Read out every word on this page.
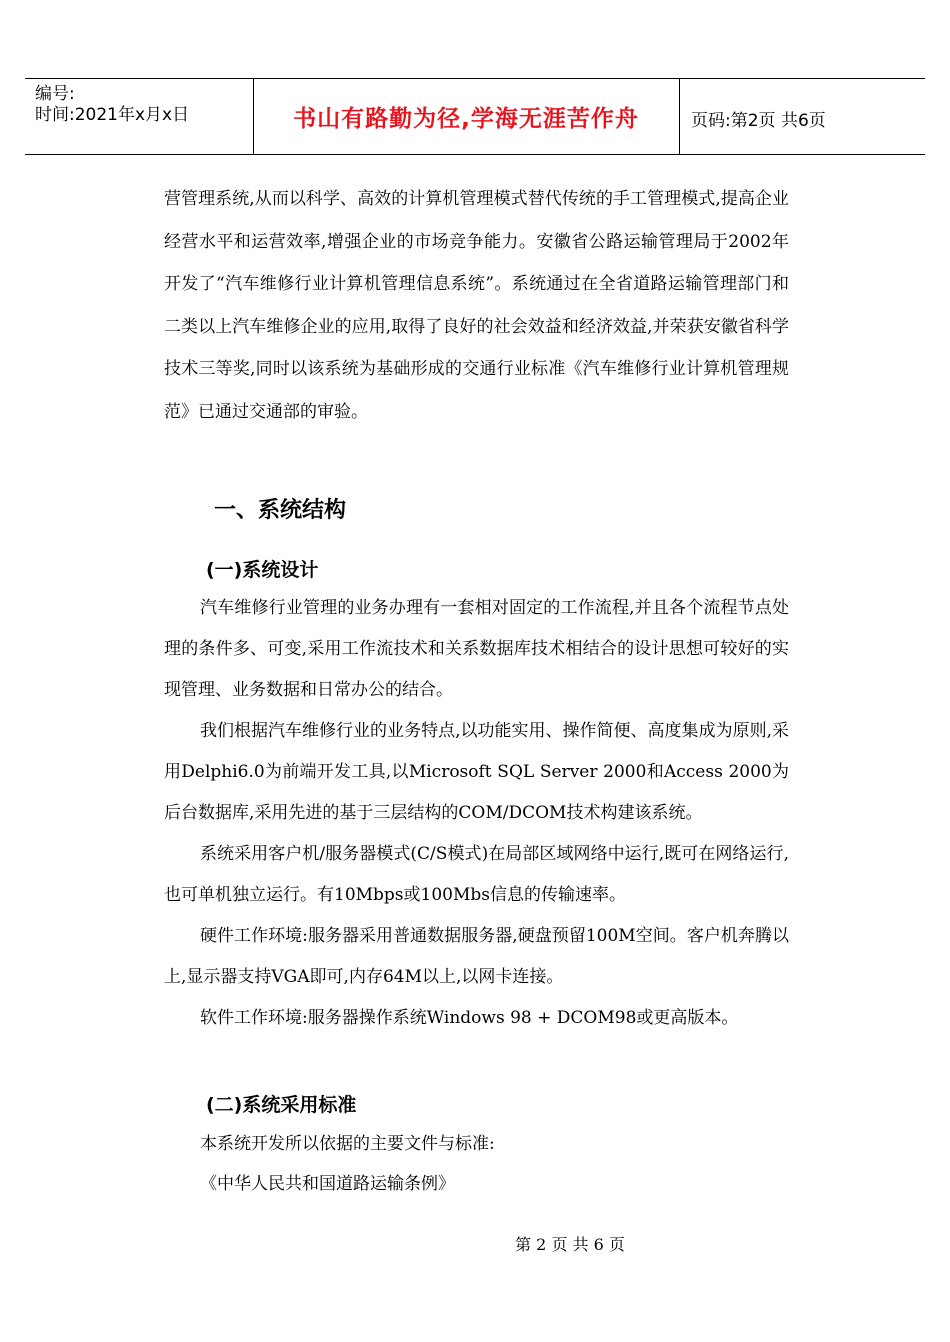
编号:
时间:2021年x月x日	书山有路勤为径,学海无涯苦作舟	页码:第2页 共6页

营管理系统,从而以科学、高效的计算机管理模式替代传统的手工管理模式,提高企业经营水平和运营效率,增强企业的市场竞争能力。安徽省公路运输管理局于2002年开发了“汽车维修行业计算机管理信息系统”。系统通过在全省道路运输管理部门和二类以上汽车维修企业的应用,取得了良好的社会效益和经济效益,并荣获安徽省科学技术三等奖,同时以该系统为基础形成的交通行业标准《汽车维修行业计算机管理规范》已通过交通部的审验。

一、系统结构
(一)系统设计

汽车维修行业管理的业务办理有一套相对固定的工作流程,并且各个流程节点处理的条件多、可变,采用工作流技术和关系数据库技术相结合的设计思想可较好的实现管理、业务数据和日常办公的结合。

我们根据汽车维修行业的业务特点,以功能实用、操作简便、高度集成为原则,采用Delphi6.0为前端开发工具,以Microsoft SQL Server 2000和Access 2000为后台数据库,采用先进的基于三层结构的COM/DCOM技术构建该系统。

系统采用客户机/服务器模式(C/S模式)在局部区域网络中运行,既可在网络运行,也可单机独立运行。有10Mbps或100Mbs信息的传输速率。

硬件工作环境:服务器采用普通数据服务器,硬盘预留100M空间。客户机奔腾以上,显示器支持VGA即可,内存64M以上,以网卡连接。

软件工作环境:服务器操作系统Windows 98 + DCOM98或更高版本。

(二)系统采用标准

本系统开发所以依据的主要文件与标准:

《中华人民共和国道路运输条例》

第 2 页 共 6 页
